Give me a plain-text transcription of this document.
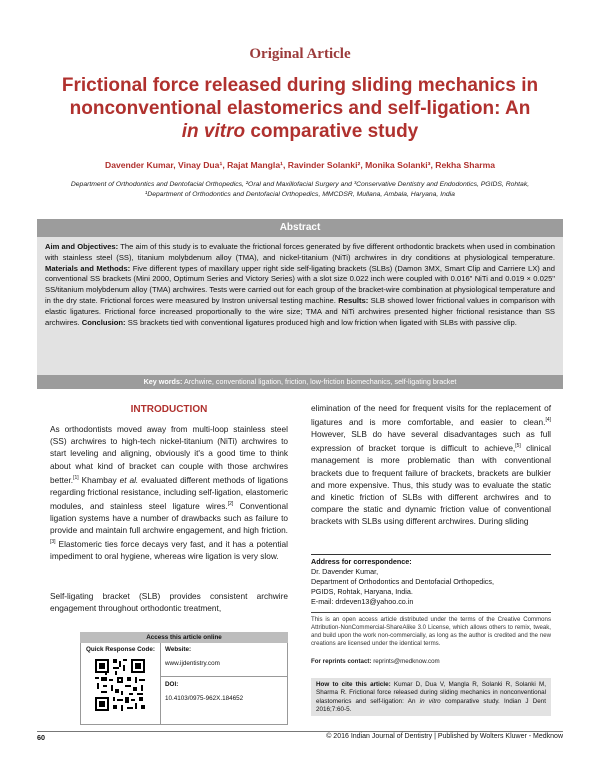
Original Article
Frictional force released during sliding mechanics in
nonconventional elastomerics and self-ligation: An
in vitro comparative study
Davender Kumar, Vinay Dua¹, Rajat Mangla¹, Ravinder Solanki², Monika Solanki³, Rekha Sharma
Department of Orthodontics and Dentofacial Orthopedics, ²Oral and Maxillofacial Surgery and ³Conservative Dentistry and Endodontics, PGIDS, Rohtak, ¹Department of Orthodontics and Dentofacial Orthopedics, MMCDSR, Mullana, Ambala, Haryana, India
Abstract
Aim and Objectives: The aim of this study is to evaluate the frictional forces generated by five different orthodontic brackets when used in combination with stainless steel (SS), titanium molybdenum alloy (TMA), and nickel-titanium (NiTi) archwires in dry conditions at physiological temperature. Materials and Methods: Five different types of maxillary upper right side self-ligating brackets (SLBs) (Damon 3MX, Smart Clip and Carriere LX) and conventional SS brackets (Mini 2000, Optimum Series and Victory Series) with a slot size 0.022 inch were coupled with 0.016" NiTi and 0.019 × 0.025" SS/titanium molybdenum alloy (TMA) archwires. Tests were carried out for each group of the bracket-wire combination at physiological temperature and in the dry state. Frictional forces were measured by Instron universal testing machine. Results: SLB showed lower frictional values in comparison with elastic ligatures. Frictional force increased proportionally to the wire size; TMA and NiTi archwires presented higher frictional resistance than SS archwires. Conclusion: SS brackets tied with conventional ligatures produced high and low friction when ligated with SLBs with passive clip.
Key words: Archwire, conventional ligation, friction, low-friction biomechanics, self-ligating bracket
INTRODUCTION
As orthodontists moved away from multi-loop stainless steel (SS) archwires to high-tech nickel-titanium (NiTi) archwires to start leveling and aligning, obviously it's a good time to think about what kind of bracket can couple with those archwires better.[1] Khambay et al. evaluated different methods of ligations regarding frictional resistance, including self-ligation, elastomeric modules, and stainless steel ligature wires.[2] Conventional ligation systems have a number of drawbacks such as failure to provide and maintain full archwire engagement, and high friction.[3] Elastomeric ties force decays very fast, and it has a potential impediment to oral hygiene, whereas wire ligation is very slow.
Self-ligating bracket (SLB) provides consistent archwire engagement throughout orthodontic treatment,
elimination of the need for frequent visits for the replacement of ligatures and is more comfortable, and easier to clean.[4] However, SLB do have several disadvantages such as full expression of bracket torque is difficult to achieve,[5] clinical management is more problematic than with conventional brackets due to frequent failure of brackets, brackets are bulkier and more expensive. Thus, this study was to evaluate the static and kinetic friction of SLBs with different archwires and to compare the static and dynamic friction value of conventional brackets with SLBs using different archwires. During sliding
Address for correspondence:
Dr. Davender Kumar,
Department of Orthodontics and Dentofacial Orthopedics,
PGIDS, Rohtak, Haryana, India.
E-mail: drdeven13@yahoo.co.in
This is an open access article distributed under the terms of the Creative Commons Attribution-NonCommercial-ShareAlike 3.0 License, which allows others to remix, tweak, and build upon the work non-commercially, as long as the author is credited and the new creations are licensed under the identical terms.
For reprints contact: reprints@medknow.com
How to cite this article: Kumar D, Dua V, Mangla R, Solanki R, Solanki M, Sharma R. Frictional force released during sliding mechanics in nonconventional elastomerics and self-ligation: An in vitro comparative study. Indian J Dent 2016;7:60-5.
Access this article online
Quick Response Code: Website:
www.ijdentistry.com
DOI:
10.4103/0975-962X.184652
60	© 2016 Indian Journal of Dentistry | Published by Wolters Kluwer - Medknow
